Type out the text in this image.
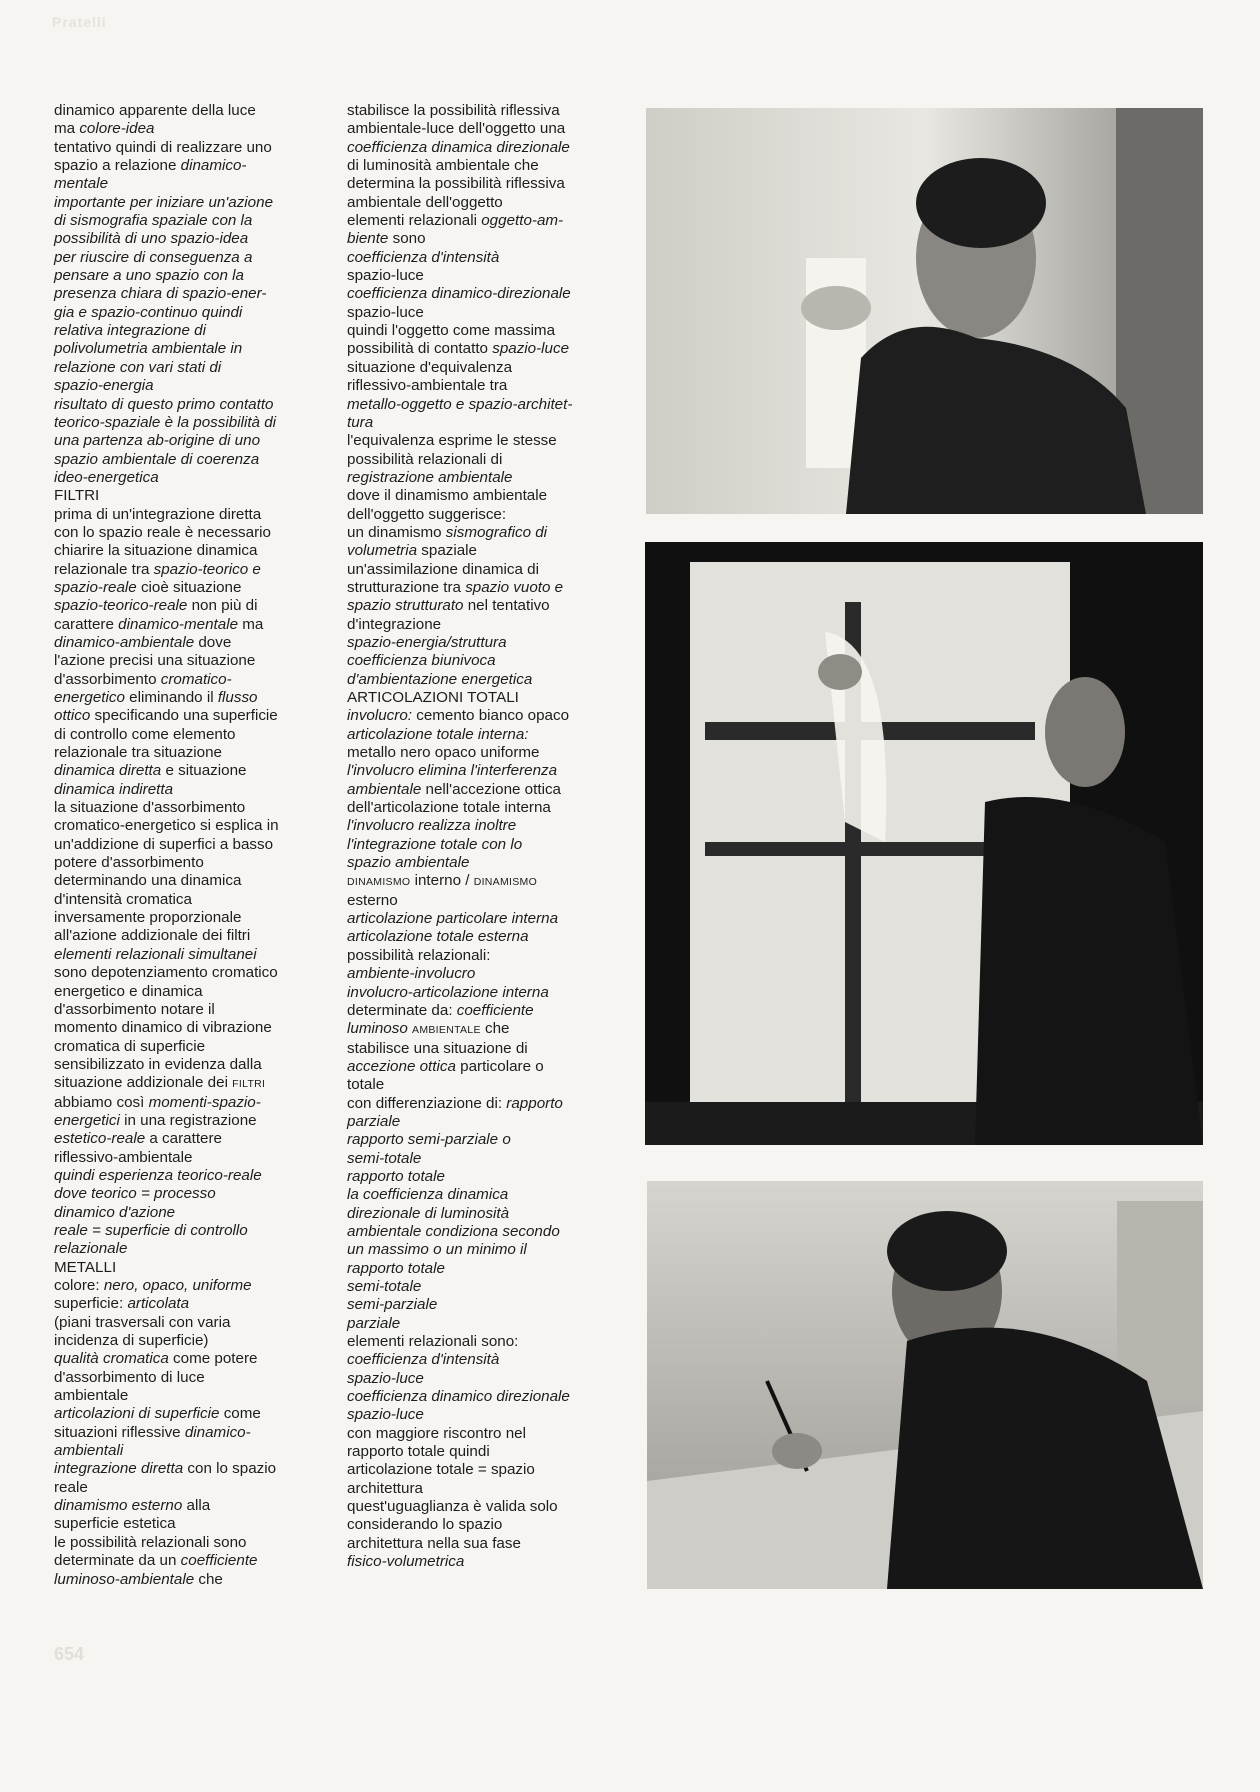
Pratelli
dinamico apparente della luce
ma colore-idea
tentativo quindi di realizzare uno
spazio a relazione dinamico-
mentale
importante per iniziare un'azione
di sismografia spaziale con la
possibilità di uno spazio-idea
per riuscire di conseguenza a
pensare a uno spazio con la
presenza chiara di spazio-ener-
gia e spazio-continuo quindi
relativa integrazione di
polivolumetria ambientale in
relazione con vari stati di
spazio-energia
risultato di questo primo contatto
teorico-spaziale è la possibilità di
una partenza ab-origine di uno
spazio ambientale di coerenza
ideo-energetica
FILTRI
prima di un'integrazione diretta
con lo spazio reale è necessario
chiarire la situazione dinamica
relazionale tra spazio-teorico e
spazio-reale cioè situazione
spazio-teorico-reale non più di
carattere dinamico-mentale ma
dinamico-ambientale dove
l'azione precisi una situazione
d'assorbimento cromatico-
energetico eliminando il flusso
ottico specificando una superficie
di controllo come elemento
relazionale tra situazione
dinamica diretta e situazione
dinamica indiretta
la situazione d'assorbimento
cromatico-energetico si esplica in
un'addizione di superfici a basso
potere d'assorbimento
determinando una dinamica
d'intensità cromatica
inversamente proporzionale
all'azione addizionale dei filtri
elementi relazionali simultanei
sono depotenziamento cromatico
energetico e dinamica
d'assorbimento notare il
momento dinamico di vibrazione
cromatica di superficie
sensibilizzato in evidenza dalla
situazione addizionale dei FILTRI
abbiamo così momenti-spazio-
energetici in una registrazione
estetico-reale a carattere
riflessivo-ambientale
quindi esperienza teorico-reale
dove teorico = processo
dinamico d'azione
reale = superficie di controllo
relazionale
METALLI
colore: nero, opaco, uniforme
superficie: articolata
(piani trasversali con varia
incidenza di superficie)
qualità cromatica come potere
d'assorbimento di luce
ambientale
articolazioni di superficie come
situazioni riflessive dinamico-
ambientali
integrazione diretta con lo spazio
reale
dinamismo esterno alla
superficie estetica
le possibilità relazionali sono
determinate da un coefficiente
luminoso-ambientale che
stabilisce la possibilità riflessiva
ambientale-luce dell'oggetto una
coefficienza dinamica direzionale
di luminosità ambientale che
determina la possibilità riflessiva
ambientale dell'oggetto
elementi relazionali oggetto-am-
biente sono
coefficienza d'intensità
spazio-luce
coefficienza dinamico-direzionale
spazio-luce
quindi l'oggetto come massima
possibilità di contatto spazio-luce
situazione d'equivalenza
riflessivo-ambientale tra
metallo-oggetto e spazio-architet-
tura
l'equivalenza esprime le stesse
possibilità relazionali di
registrazione ambientale
dove il dinamismo ambientale
dell'oggetto suggerisce:
un dinamismo sismografico di
volumetria spaziale
un'assimilazione dinamica di
strutturazione tra spazio vuoto e
spazio strutturato nel tentativo
d'integrazione
spazio-energia/struttura
coefficienza biunivoca
d'ambientazione energetica
ARTICOLAZIONI TOTALI
involucro: cemento bianco opaco
articolazione totale interna:
metallo nero opaco uniforme
l'involucro elimina l'interferenza
ambientale nell'accezione ottica
dell'articolazione totale interna
l'involucro realizza inoltre
l'integrazione totale con lo
spazio ambientale
DINAMISMO interno / DINAMISMO
esterno
articolazione particolare interna
articolazione totale esterna
possibilità relazionali:
ambiente-involucro
involucro-articolazione interna
determinate da: coefficiente
luminoso AMBIENTALE che
stabilisce una situazione di
accezione ottica particolare o
totale
con differenziazione di: rapporto
parziale
rapporto semi-parziale o
semi-totale
rapporto totale
la coefficienza dinamica
direzionale di luminosità
ambientale condiziona secondo
un massimo o un minimo il
rapporto totale
semi-totale
semi-parziale
parziale
elementi relazionali sono:
coefficienza d'intensità
spazio-luce
coefficienza dinamico direzionale
spazio-luce
con maggiore riscontro nel
rapporto totale quindi
articolazione totale = spazio
architettura
quest'uguaglianza è valida solo
considerando lo spazio
architettura nella sua fase
fisico-volumetrica
654
